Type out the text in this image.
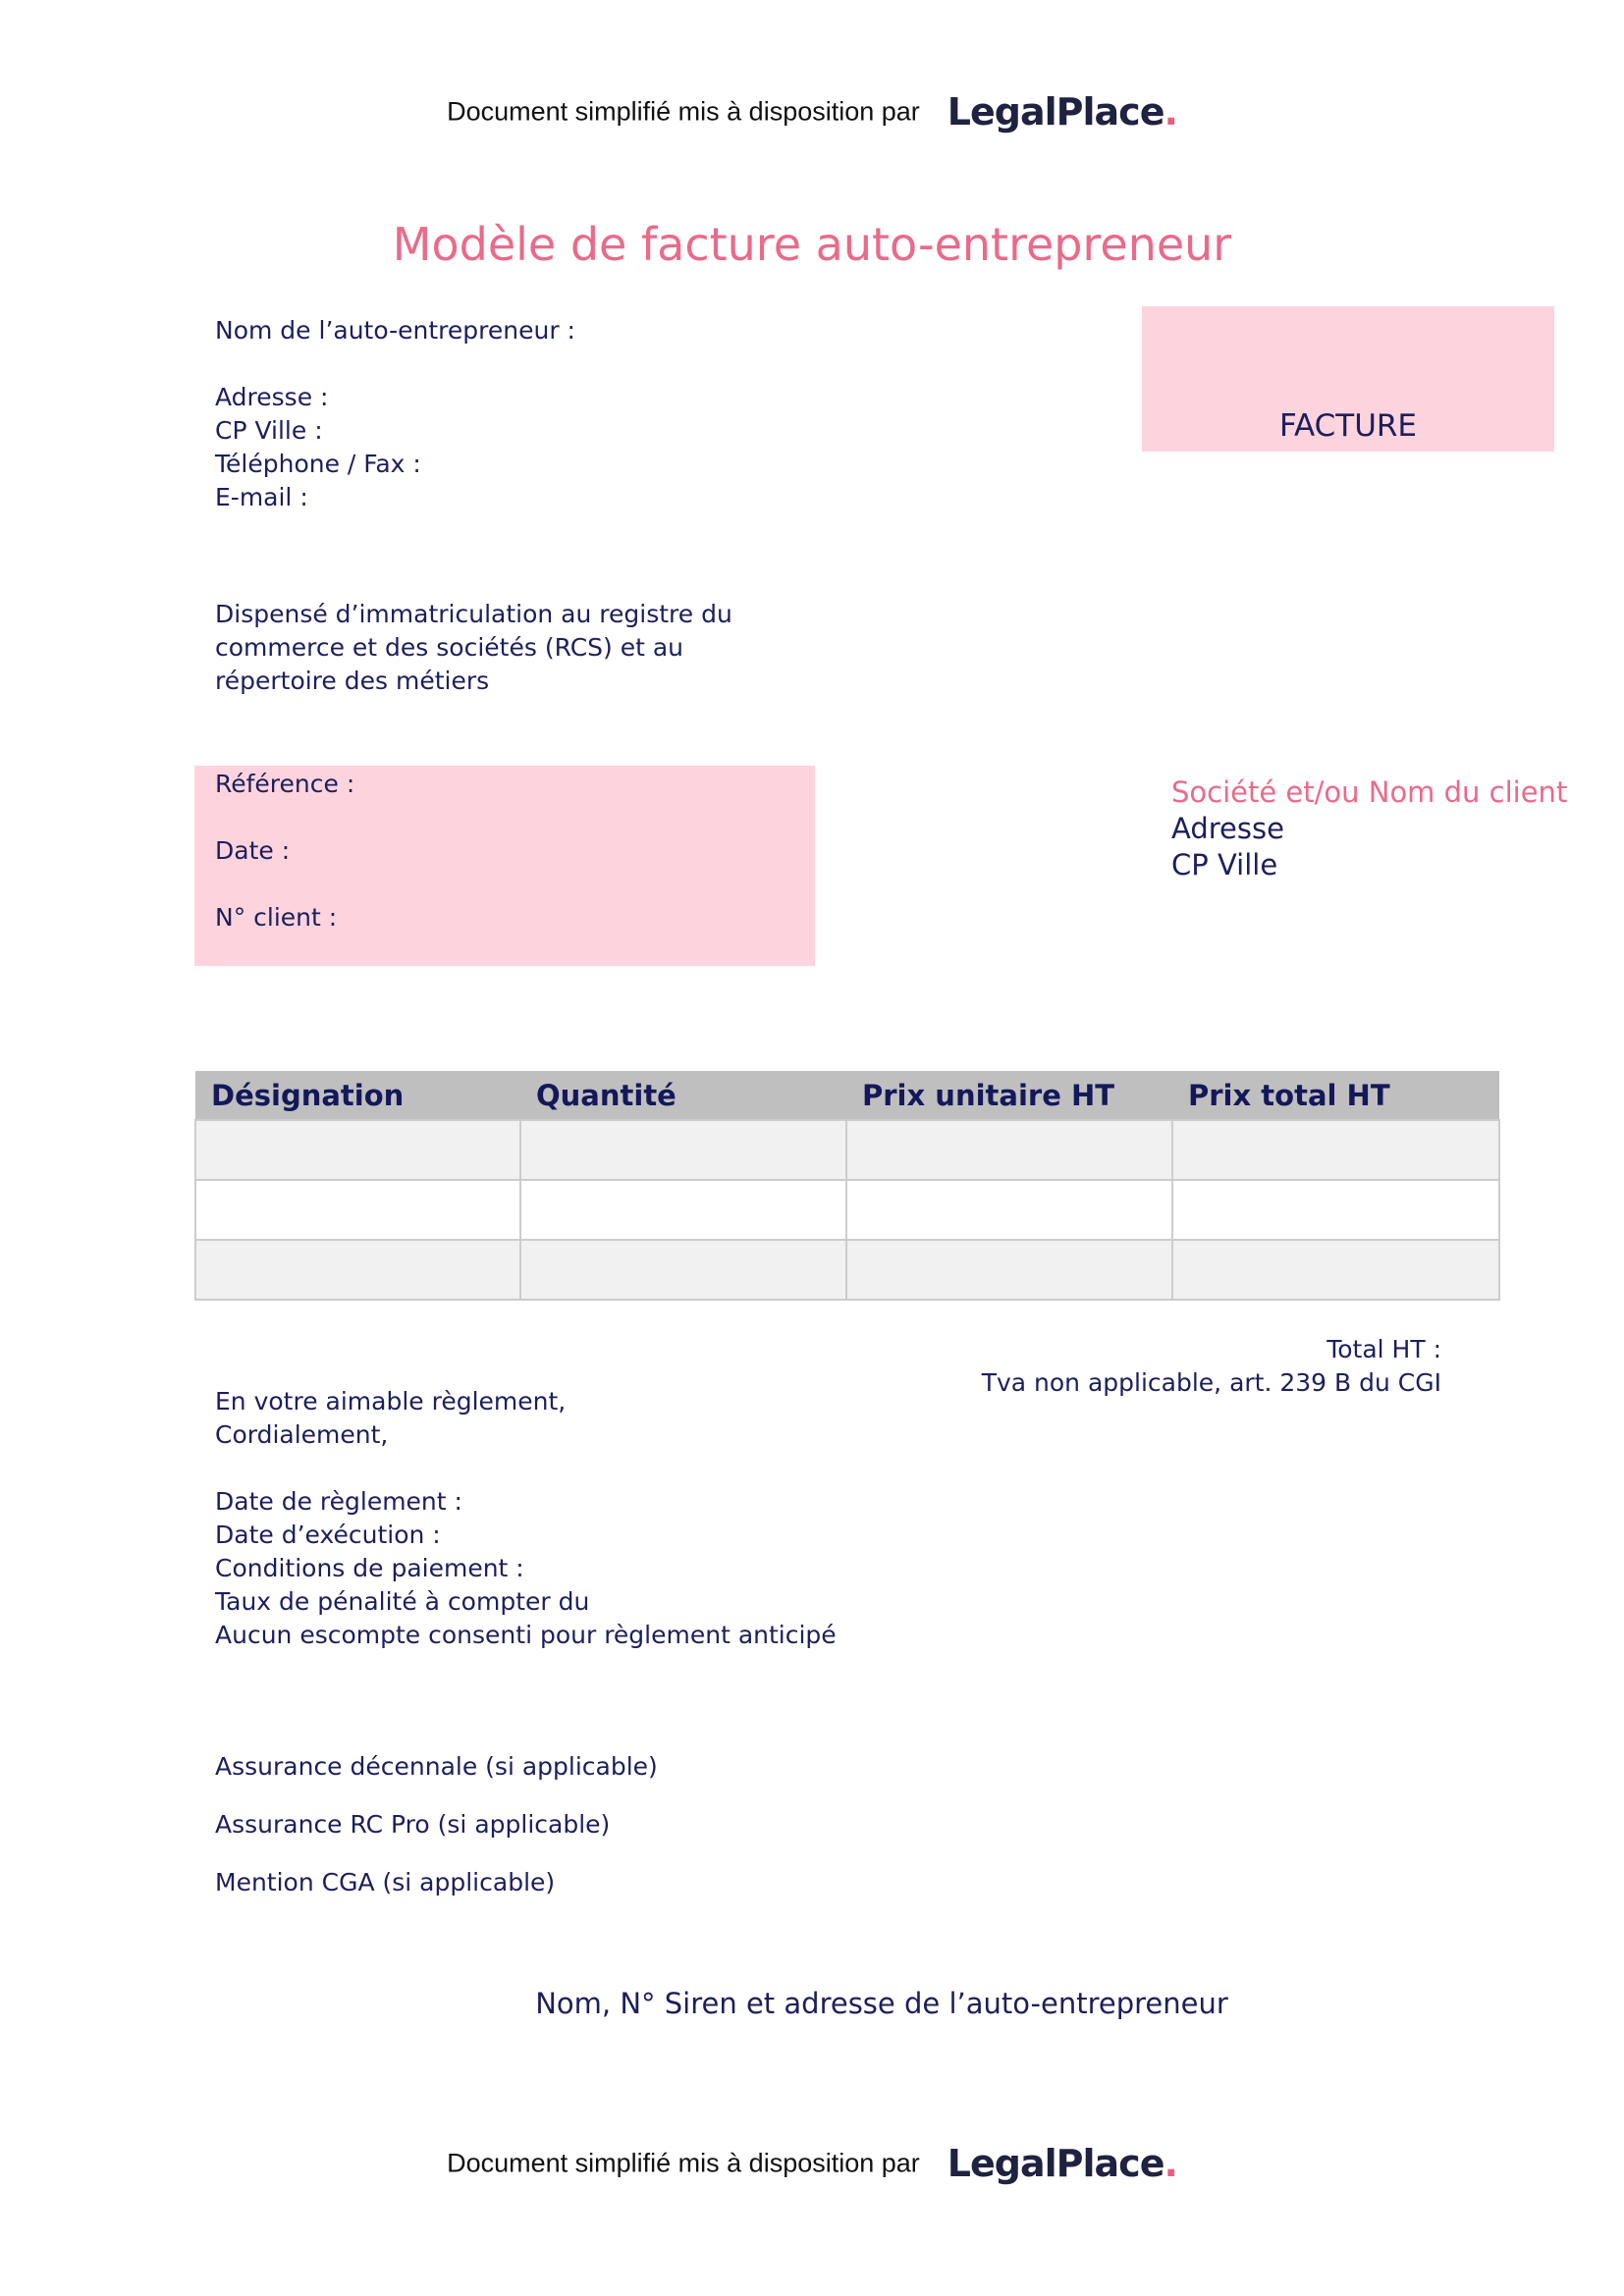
Document simplifié mis à disposition par LegalPlace.
Modèle de facture auto-entrepreneur
Nom de l’auto-entrepreneur :
Adresse :
CP Ville :
Téléphone / Fax :
E-mail :
FACTURE
Dispensé d’immatriculation au registre du
commerce et des sociétés (RCS) et au
répertoire des métiers
Référence :
Date :
N° client :
Société et/ou Nom du client
Adresse
CP Ville
Désignation	Quantité	Prix unitaire HT	Prix total HT

Total HT :
Tva non applicable, art. 239 B du CGI
En votre aimable règlement,
Cordialement,
Date de règlement :
Date d’exécution :
Conditions de paiement :
Taux de pénalité à compter du
Aucun escompte consenti pour règlement anticipé
Assurance décennale (si applicable)
Assurance RC Pro (si applicable)
Mention CGA (si applicable)
Nom, N° Siren et adresse de l’auto-entrepreneur
Document simplifié mis à disposition par LegalPlace.
